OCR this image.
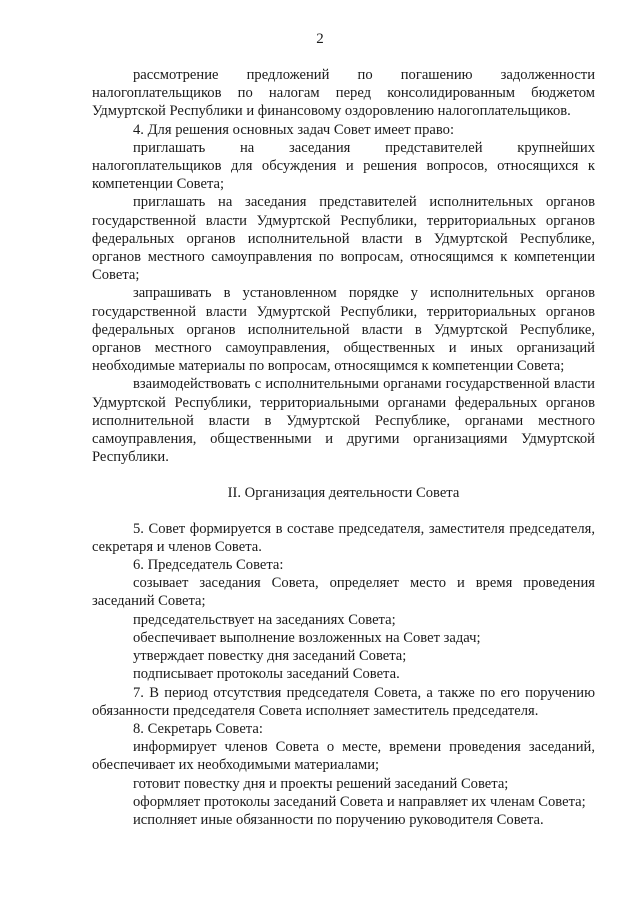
2

рассмотрение предложений по погашению задолженности налогоплательщиков по налогам перед консолидированным бюджетом Удмуртской Республики и финансовому оздоровлению налогоплательщиков.

4. Для решения основных задач Совет имеет право:

приглашать на заседания представителей крупнейших налогоплательщиков для обсуждения и решения вопросов, относящихся к компетенции Совета;

приглашать на заседания представителей исполнительных органов государственной власти Удмуртской Республики, территориальных органов федеральных органов исполнительной власти в Удмуртской Республике, органов местного самоуправления по вопросам, относящимся к компетенции Совета;

запрашивать в установленном порядке у исполнительных органов государственной власти Удмуртской Республики, территориальных органов федеральных органов исполнительной власти в Удмуртской Республике, органов местного самоуправления, общественных и иных организаций необходимые материалы по вопросам, относящимся к компетенции Совета;

взаимодействовать с исполнительными органами государственной власти Удмуртской Республики, территориальными органами федеральных органов исполнительной власти в Удмуртской Республике, органами местного самоуправления, общественными и другими организациями Удмуртской Республики.

II. Организация деятельности Совета

5. Совет формируется в составе председателя, заместителя председателя, секретаря и членов Совета.

6. Председатель Совета:

созывает заседания Совета, определяет место и время проведения заседаний Совета;

председательствует на заседаниях Совета;

обеспечивает выполнение возложенных на Совет задач;

утверждает повестку дня заседаний Совета;

подписывает протоколы заседаний Совета.

7. В период отсутствия председателя Совета, а также по его поручению обязанности председателя Совета исполняет заместитель председателя.

8. Секретарь Совета:

информирует членов Совета о месте, времени проведения заседаний, обеспечивает их необходимыми материалами;

готовит повестку дня и проекты решений заседаний Совета;

оформляет протоколы заседаний Совета и направляет их членам Совета;

исполняет иные обязанности по поручению руководителя Совета.
